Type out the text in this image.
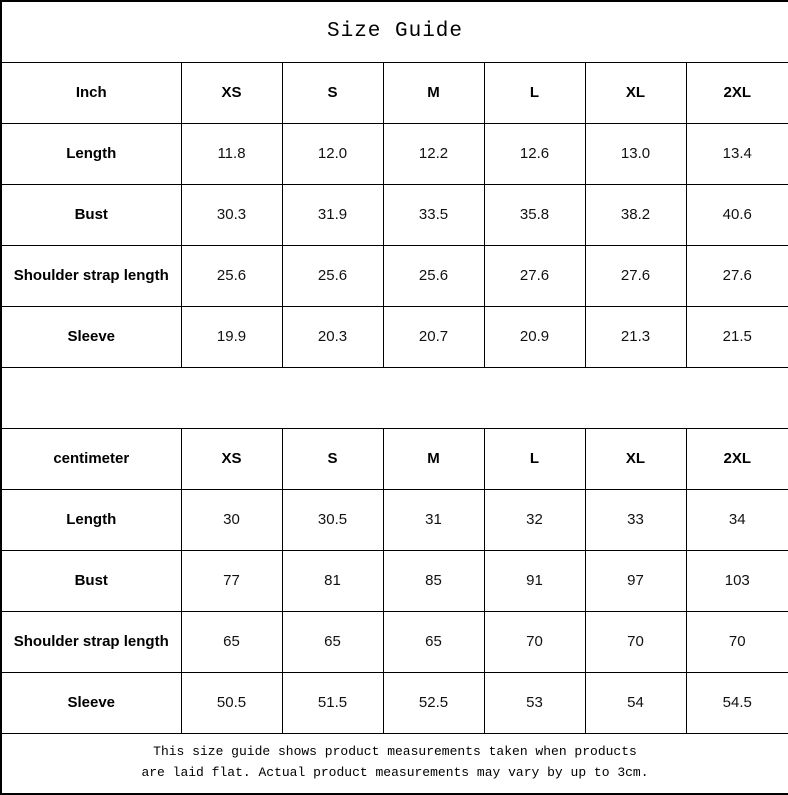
Size Guide						
Inch	XS	S	M	L	XL	2XL
Length	11.8	12.0	12.2	12.6	13.0	13.4
Bust	30.3	31.9	33.5	35.8	38.2	40.6
Shoulder strap length	25.6	25.6	25.6	27.6	27.6	27.6
Sleeve	19.9	20.3	20.7	20.9	21.3	21.5

centimeter	XS	S	M	L	XL	2XL
Length	30	30.5	31	32	33	34
Bust	77	81	85	91	97	103
Shoulder strap length	65	65	65	70	70	70
Sleeve	50.5	51.5	52.5	53	54	54.5

This size guide shows product measurements taken when products
are laid flat. Actual product measurements may vary by up to 3cm.						
